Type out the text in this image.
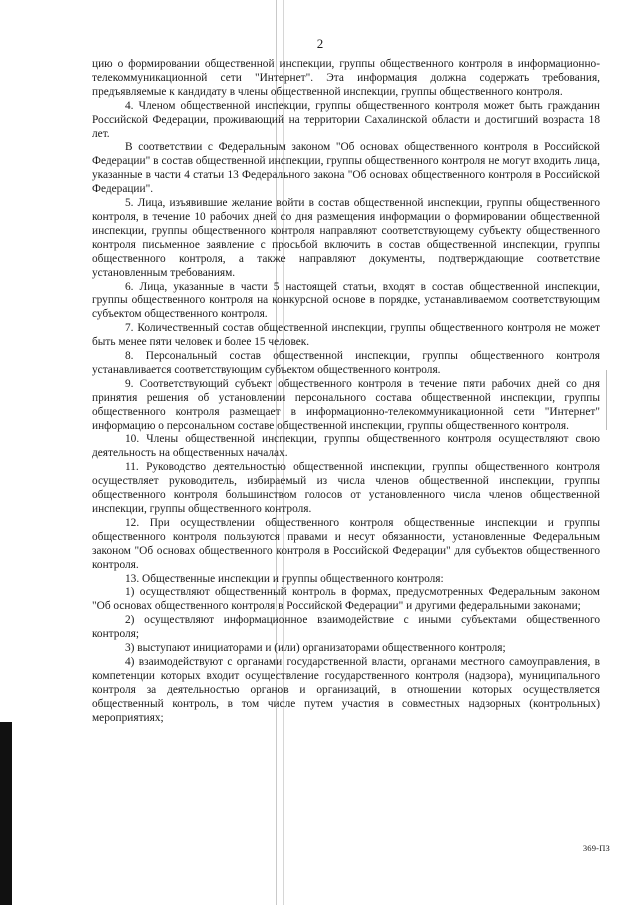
2

цию о формировании общественной инспекции, группы общественного контроля в информационно-телекоммуникационной сети "Интернет". Эта информация должна содержать требования, предъявляемые к кандидату в члены общественной инспекции, группы общественного контроля.

4. Членом общественной инспекции, группы общественного контроля может быть гражданин Российской Федерации, проживающий на территории Сахалинской области и достигший возраста 18 лет.

В соответствии с Федеральным законом "Об основах общественного контроля в Российской Федерации" в состав общественной инспекции, группы общественного контроля не могут входить лица, указанные в части 4 статьи 13 Федерального закона "Об основах общественного контроля в Российской Федерации".

5. Лица, изъявившие желание войти в состав общественной инспекции, группы общественного контроля, в течение 10 рабочих дней со дня размещения информации о формировании общественной инспекции, группы общественного контроля направляют соответствующему субъекту общественного контроля письменное заявление с просьбой включить в состав общественной инспекции, группы общественного контроля, а также направляют документы, подтверждающие соответствие установленным требованиям.

6. Лица, указанные в части 5 настоящей статьи, входят в состав общественной инспекции, группы общественного контроля на конкурсной основе в порядке, устанавливаемом соответствующим субъектом общественного контроля.

7. Количественный состав общественной инспекции, группы общественного контроля не может быть менее пяти человек и более 15 человек.

8. Персональный состав общественной инспекции, группы общественного контроля устанавливается соответствующим субъектом общественного контроля.

9. Соответствующий субъект общественного контроля в течение пяти рабочих дней со дня принятия решения об установлении персонального состава общественной инспекции, группы общественного контроля размещает в информационно-телекоммуникационной сети "Интернет" информацию о персональном составе общественной инспекции, группы общественного контроля.

10. Члены общественной инспекции, группы общественного контроля осуществляют свою деятельность на общественных началах.

11. Руководство деятельностью общественной инспекции, группы общественного контроля осуществляет руководитель, избираемый из числа членов общественной инспекции, группы общественного контроля большинством голосов от установленного числа членов общественной инспекции, группы общественного контроля.

12. При осуществлении общественного контроля общественные инспекции и группы общественного контроля пользуются правами и несут обязанности, установленные Федеральным законом "Об основах общественного контроля в Российской Федерации" для субъектов общественного контроля.

13. Общественные инспекции и группы общественного контроля:

1) осуществляют общественный контроль в формах, предусмотренных Федеральным законом "Об основах общественного контроля в Российской Федерации" и другими федеральными законами;

2) осуществляют информационное взаимодействие с иными субъектами общественного контроля;

3) выступают инициаторами и (или) организаторами общественного контроля;

4) взаимодействуют с органами государственной власти, органами местного самоуправления, в компетенции которых входит осуществление государственного контроля (надзора), муниципального контроля за деятельностью органов и организаций, в отношении которых осуществляется общественный контроль, в том числе путем участия в совместных надзорных (контрольных) мероприятиях;

369-ПЗ
